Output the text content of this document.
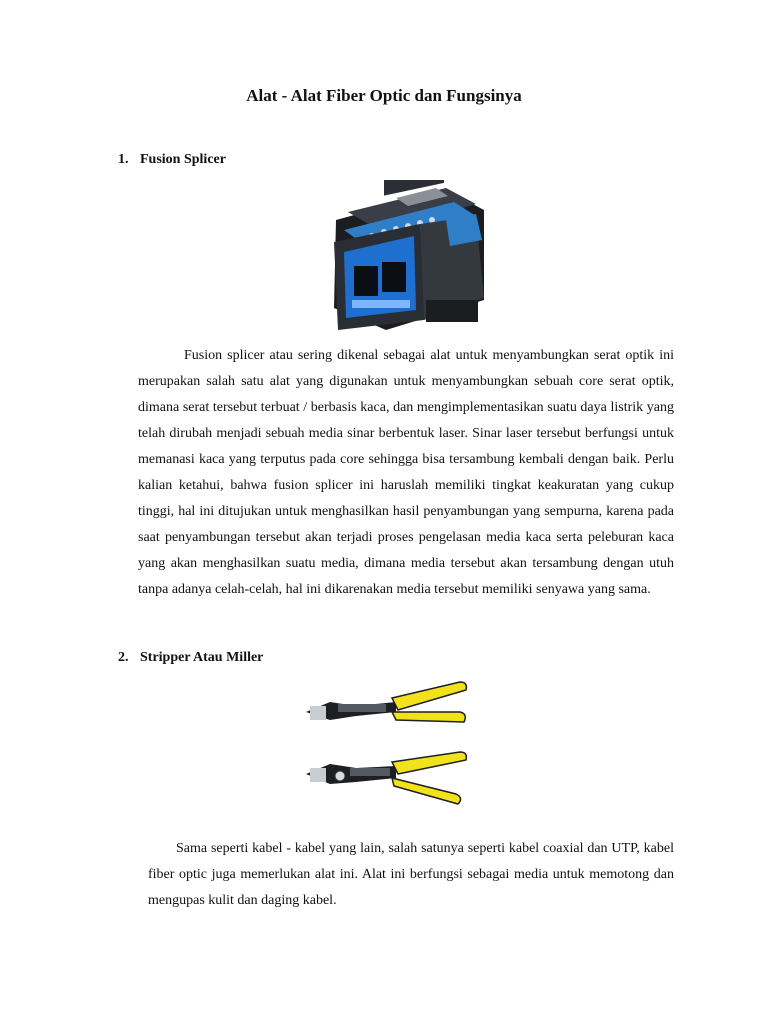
Alat - Alat Fiber Optic dan Fungsinya
1. Fusion Splicer

Fusion splicer atau sering dikenal sebagai alat untuk menyambungkan serat optik ini merupakan salah satu alat yang digunakan untuk menyambungkan sebuah core serat optik, dimana serat tersebut terbuat / berbasis kaca, dan mengimplementasikan suatu daya listrik yang telah dirubah menjadi sebuah media sinar berbentuk laser. Sinar laser tersebut berfungsi untuk memanasi kaca yang terputus pada core sehingga bisa tersambung kembali dengan baik. Perlu kalian ketahui, bahwa fusion splicer ini haruslah memiliki tingkat keakuratan yang cukup tinggi, hal ini ditujukan untuk menghasilkan hasil penyambungan yang sempurna, karena pada saat penyambungan tersebut akan terjadi proses pengelasan media kaca serta peleburan kaca yang akan menghasilkan suatu media, dimana media tersebut akan tersambung dengan utuh tanpa adanya celah-celah, hal ini dikarenakan media tersebut memiliki senyawa yang sama.

2. Stripper Atau Miller

Sama seperti kabel - kabel yang lain, salah satunya seperti kabel coaxial dan UTP, kabel fiber optic juga memerlukan alat ini. Alat ini berfungsi sebagai media untuk memotong dan mengupas kulit dan daging kabel.
